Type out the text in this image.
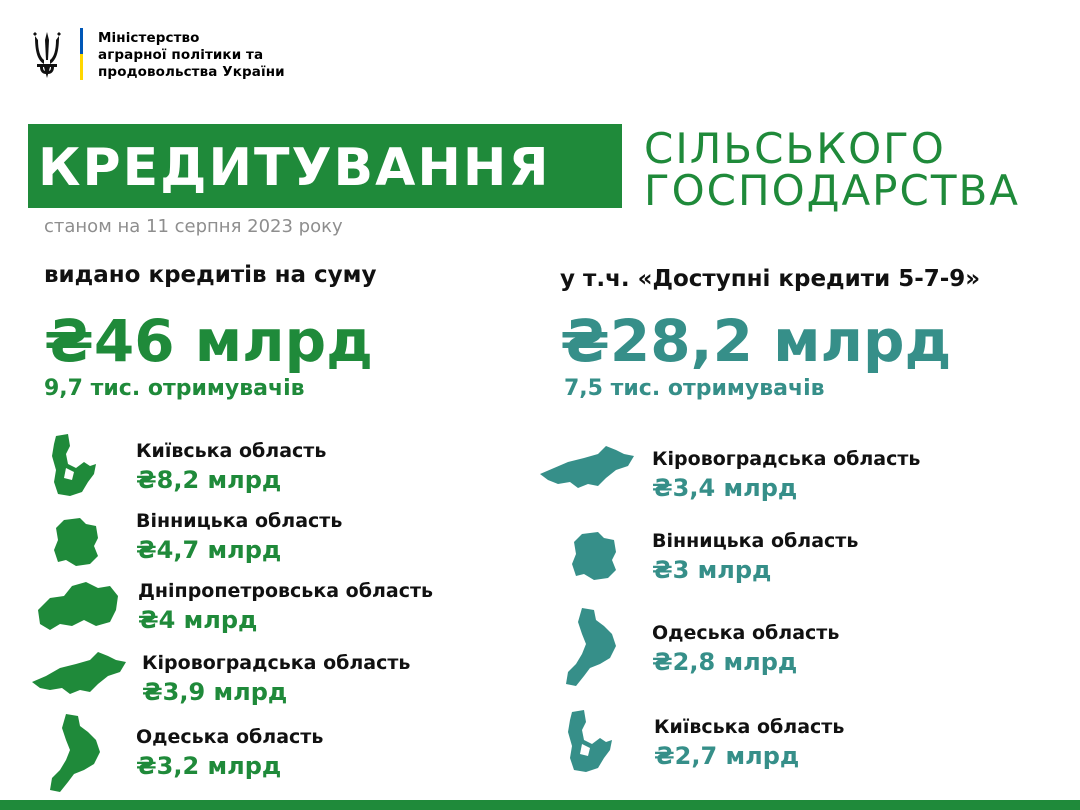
Міністерство
аграрної політики та
продовольства України
КРЕДИТУВАННЯ СІЛЬСЬКОГО
ГОСПОДАРСТВА
станом на 11 серпня 2023 року
видано кредитів на суму
₴46 млрд
9,7 тис. отримувачів
Київська область
₴8,2 млрд
Вінницька область
₴4,7 млрд
Дніпропетровська область
₴4 млрд
Кіровоградська область
₴3,9 млрд
Одеська область
₴3,2 млрд
у т.ч. «Доступні кредити 5-7-9»
₴28,2 млрд
7,5 тис. отримувачів
Кіровоградська область
₴3,4 млрд
Вінницька область
₴3 млрд
Одеська область
₴2,8 млрд
Київська область
₴2,7 млрд
